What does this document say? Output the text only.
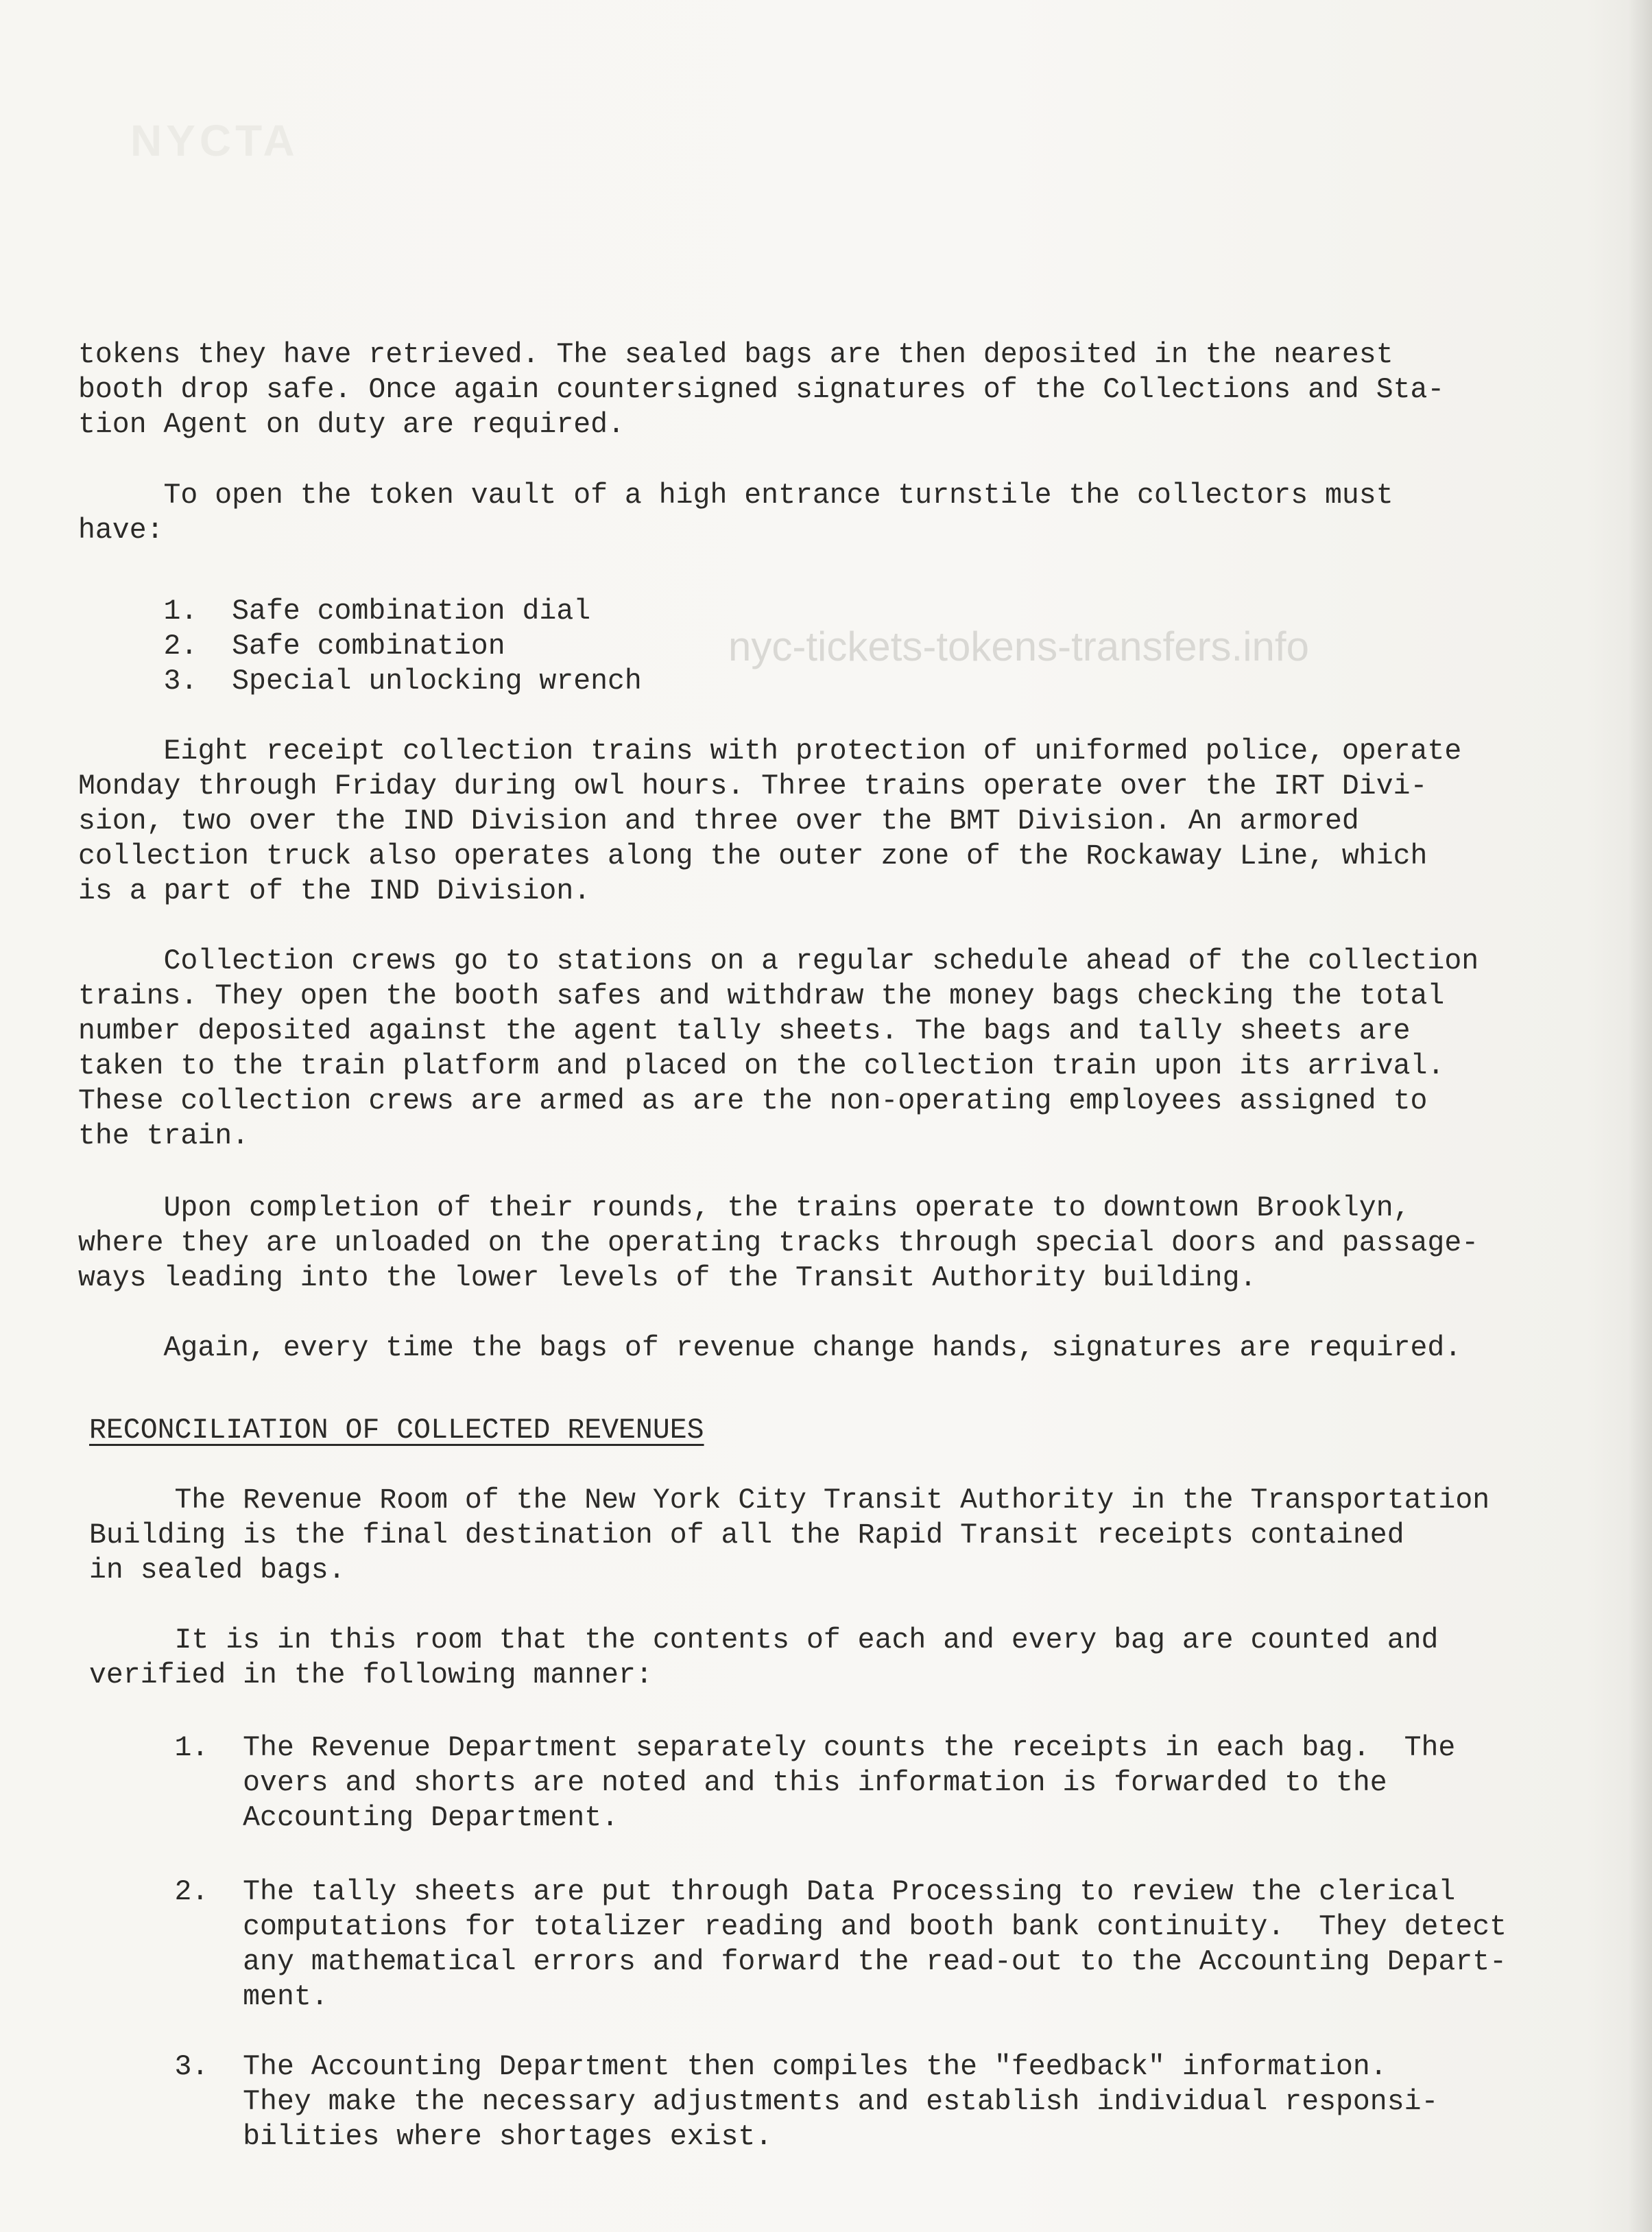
NYCTA
nyc-tickets-tokens-transfers.info
tokens they have retrieved. The sealed bags are then deposited in the nearest
booth drop safe. Once again countersigned signatures of the Collections and Sta-
tion Agent on duty are required.
To open the token vault of a high entrance turnstile the collectors must
have:
1.  Safe combination dial
2.  Safe combination
3.  Special unlocking wrench
Eight receipt collection trains with protection of uniformed police, operate
Monday through Friday during owl hours. Three trains operate over the IRT Divi-
sion, two over the IND Division and three over the BMT Division. An armored
collection truck also operates along the outer zone of the Rockaway Line, which
is a part of the IND Division.
Collection crews go to stations on a regular schedule ahead of the collection
trains. They open the booth safes and withdraw the money bags checking the total
number deposited against the agent tally sheets. The bags and tally sheets are
taken to the train platform and placed on the collection train upon its arrival.
These collection crews are armed as are the non-operating employees assigned to
the train.
Upon completion of their rounds, the trains operate to downtown Brooklyn,
where they are unloaded on the operating tracks through special doors and passage-
ways leading into the lower levels of the Transit Authority building.
Again, every time the bags of revenue change hands, signatures are required.
RECONCILIATION OF COLLECTED REVENUES
The Revenue Room of the New York City Transit Authority in the Transportation
Building is the final destination of all the Rapid Transit receipts contained
in sealed bags.
It is in this room that the contents of each and every bag are counted and
verified in the following manner:
1.  The Revenue Department separately counts the receipts in each bag.  The
overs and shorts are noted and this information is forwarded to the
Accounting Department.
2.  The tally sheets are put through Data Processing to review the clerical
computations for totalizer reading and booth bank continuity.  They detect
any mathematical errors and forward the read-out to the Accounting Depart-
ment.
3.  The Accounting Department then compiles the "feedback" information.
They make the necessary adjustments and establish individual responsi-
bilities where shortages exist.
